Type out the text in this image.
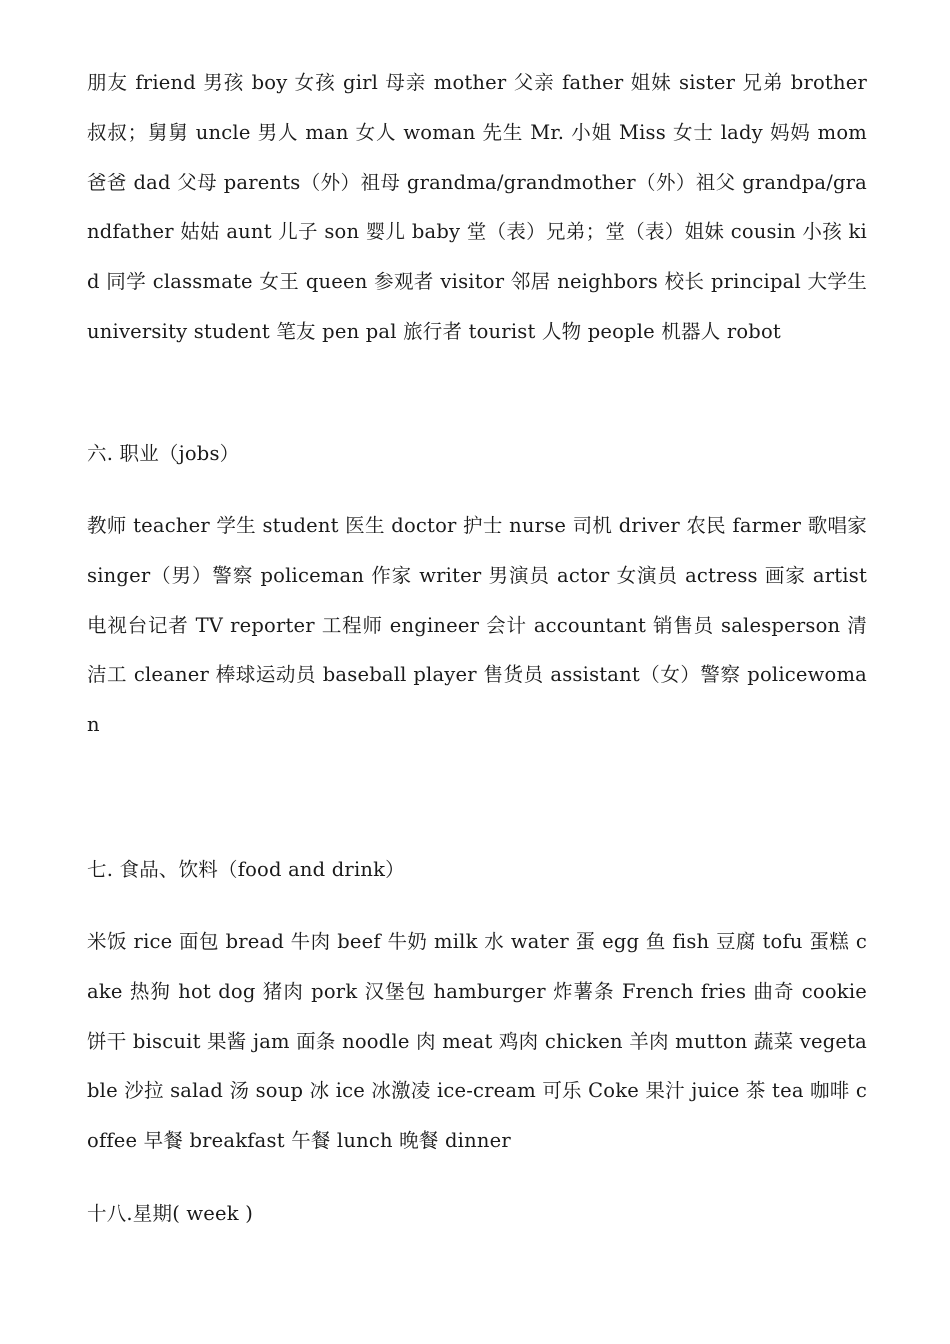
朋友 friend 男孩 boy 女孩 girl 母亲 mother 父亲 father 姐妹 sister 兄弟 brother 叔叔；舅舅 uncle 男人 man 女人 woman 先生 Mr. 小姐 Miss 女士 lady 妈妈 mom 爸爸 dad 父母 parents（外）祖母 grandma/grandmother（外）祖父 grandpa/grandfather 姑姑 aunt 儿子 son 婴儿 baby 堂（表）兄弟；堂（表）姐妹 cousin 小孩 kid 同学 classmate 女王 queen 参观者 visitor 邻居 neighbors 校长 principal 大学生 university student 笔友 pen pal 旅行者 tourist 人物 people 机器人 robot
六. 职业（jobs）
教师 teacher 学生 student 医生 doctor 护士 nurse 司机 driver 农民 farmer 歌唱家 singer（男）警察 policeman 作家 writer 男演员 actor 女演员 actress 画家 artist 电视台记者 TV reporter 工程师 engineer 会计 accountant 销售员 salesperson 清洁工 cleaner 棒球运动员 baseball player 售货员 assistant（女）警察 policewoman
七. 食品、饮料（food and drink）
米饭 rice 面包 bread 牛肉 beef 牛奶 milk 水 water 蛋 egg 鱼 fish 豆腐 tofu 蛋糕 cake 热狗 hot dog 猪肉 pork 汉堡包 hamburger 炸薯条 French fries 曲奇 cookie 饼干 biscuit 果酱 jam 面条 noodle 肉 meat 鸡肉 chicken 羊肉 mutton 蔬菜 vegetable 沙拉 salad 汤 soup 冰 ice 冰激凌 ice-cream 可乐 Coke 果汁 juice 茶 tea 咖啡 coffee 早餐 breakfast 午餐 lunch 晚餐 dinner
十八.星期( week )
